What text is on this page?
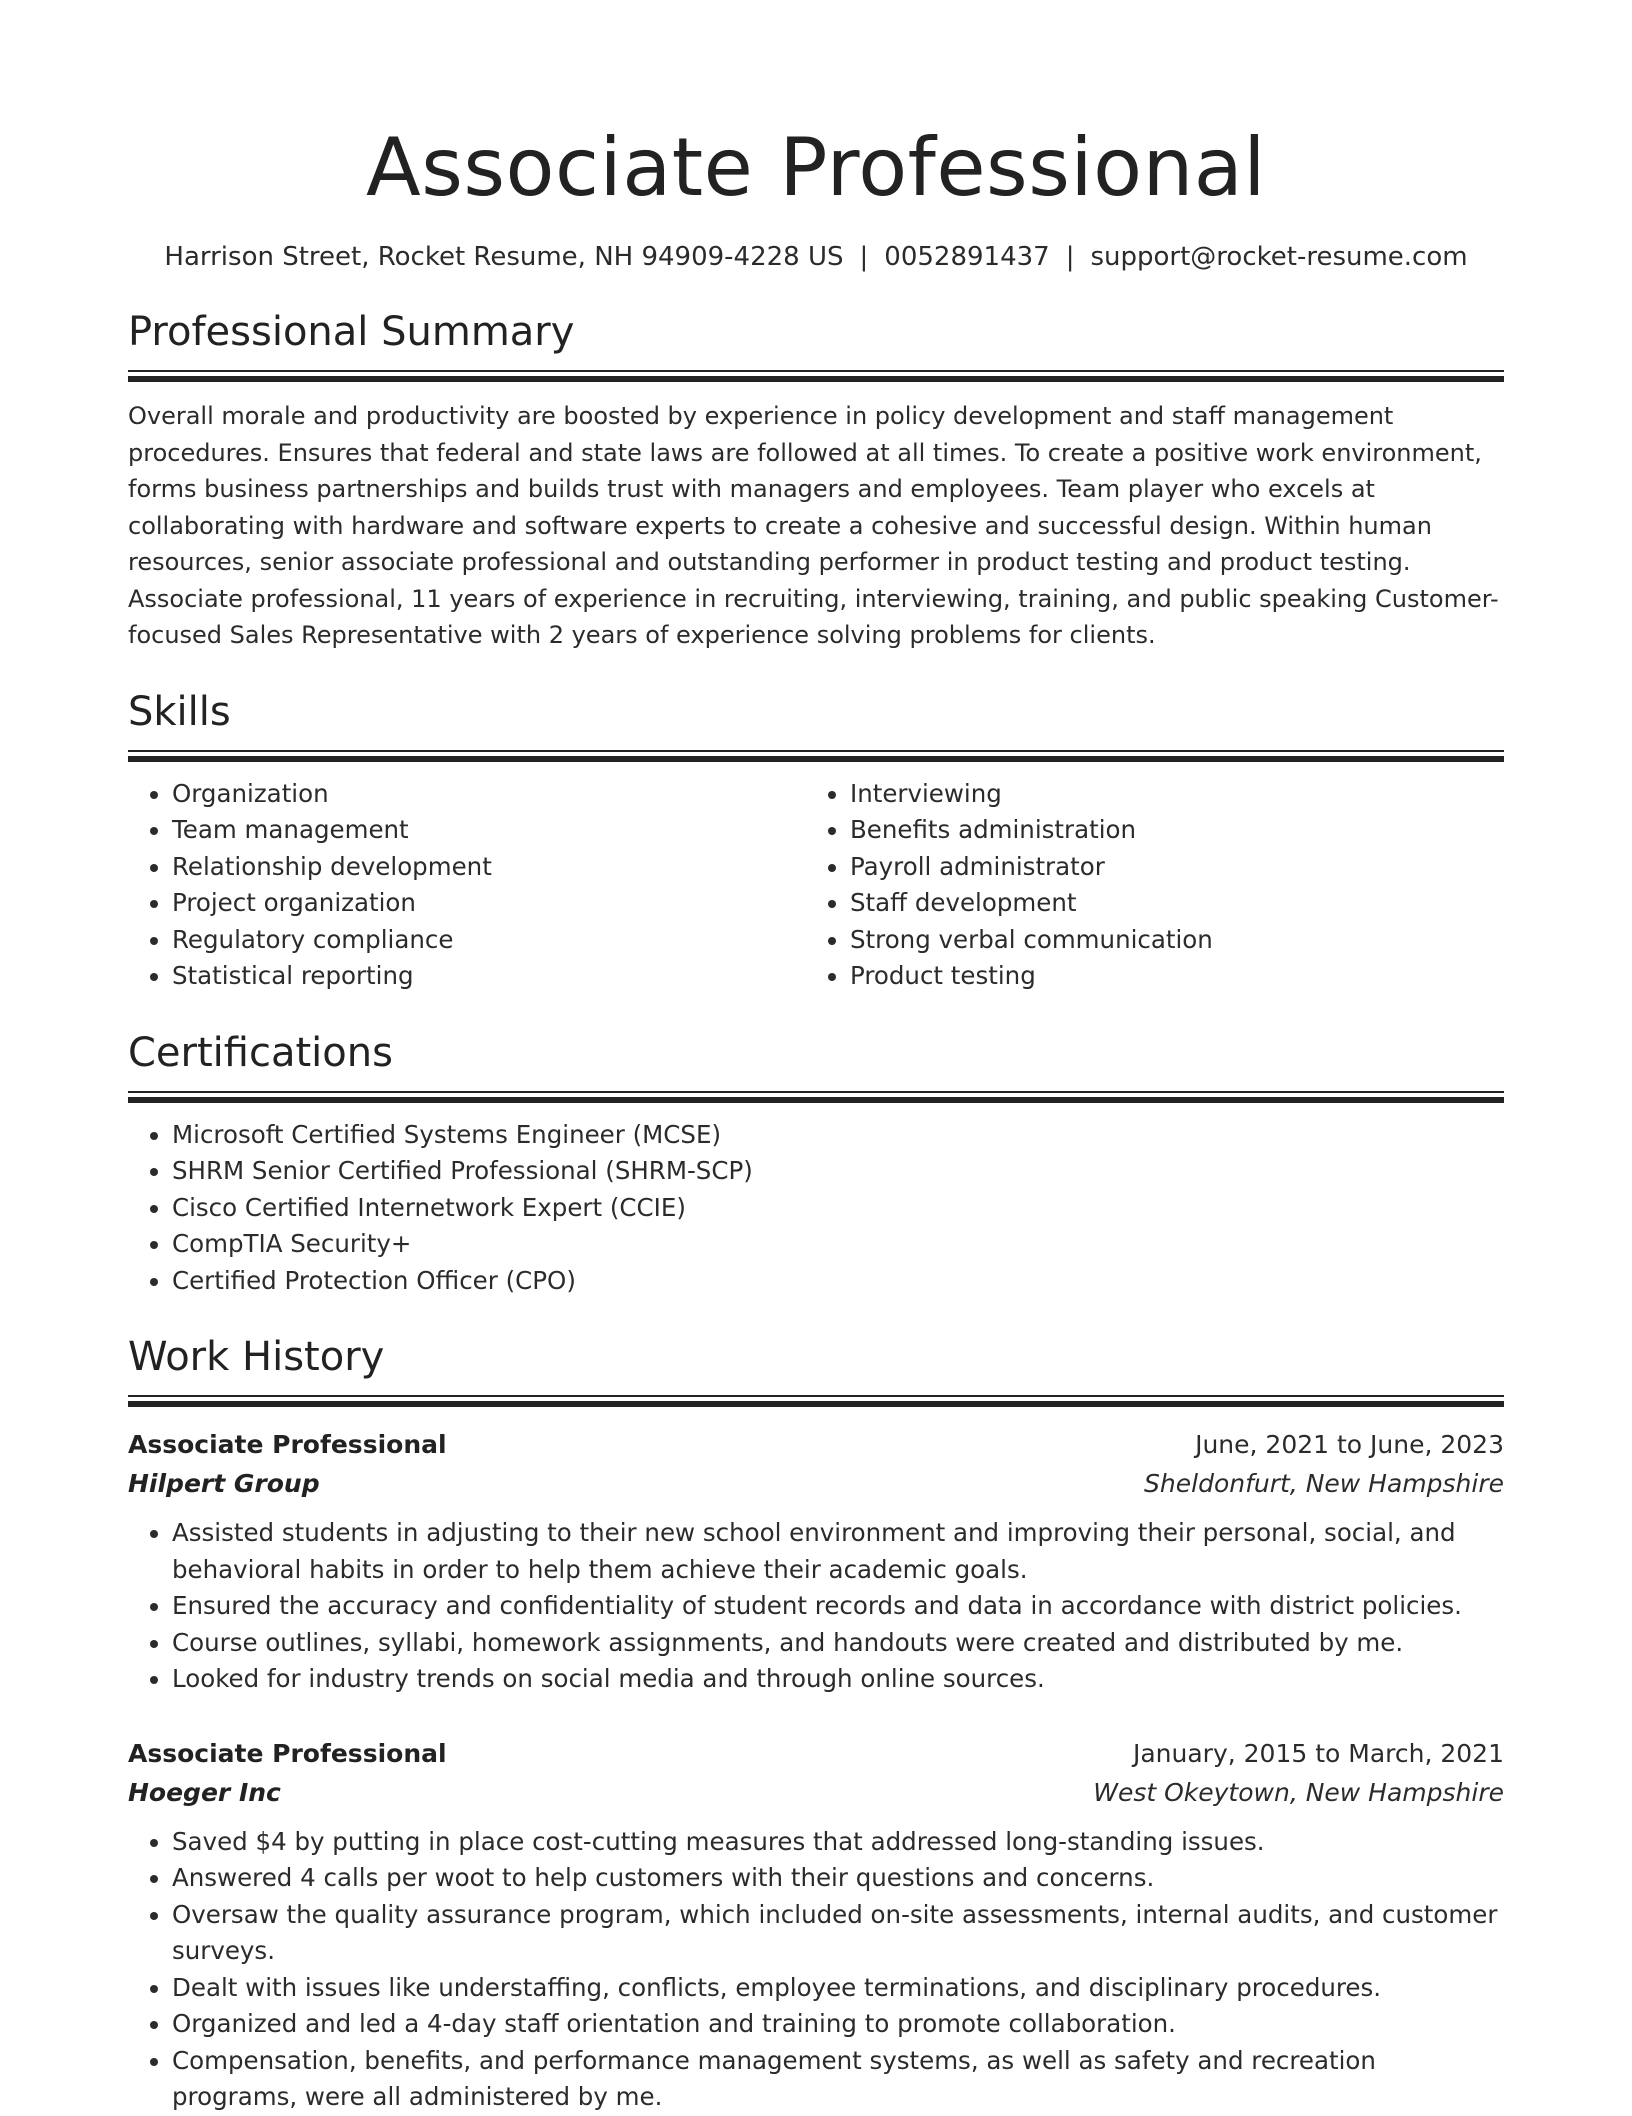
Associate Professional
Harrison Street, Rocket Resume, NH 94909-4228 US | 0052891437 | support@rocket-resume.com
Professional Summary
Overall morale and productivity are boosted by experience in policy development and staff management procedures. Ensures that federal and state laws are followed at all times. To create a positive work environment, forms business partnerships and builds trust with managers and employees. Team player who excels at collaborating with hardware and software experts to create a cohesive and successful design. Within human resources, senior associate professional and outstanding performer in product testing and product testing. Associate professional, 11 years of experience in recruiting, interviewing, training, and public speaking Customer-focused Sales Representative with 2 years of experience solving problems for clients.
Skills
• Organization
• Team management
• Relationship development
• Project organization
• Regulatory compliance
• Statistical reporting
• Interviewing
• Benefits administration
• Payroll administrator
• Staff development
• Strong verbal communication
• Product testing
Certifications
• Microsoft Certified Systems Engineer (MCSE)
• SHRM Senior Certified Professional (SHRM-SCP)
• Cisco Certified Internetwork Expert (CCIE)
• CompTIA Security+
• Certified Protection Officer (CPO)
Work History
Associate Professional	June, 2021 to June, 2023
Hilpert Group	Sheldonfurt, New Hampshire
• Assisted students in adjusting to their new school environment and improving their personal, social, and behavioral habits in order to help them achieve their academic goals.
• Ensured the accuracy and confidentiality of student records and data in accordance with district policies.
• Course outlines, syllabi, homework assignments, and handouts were created and distributed by me.
• Looked for industry trends on social media and through online sources.
Associate Professional	January, 2015 to March, 2021
Hoeger Inc	West Okeytown, New Hampshire
• Saved $4 by putting in place cost-cutting measures that addressed long-standing issues.
• Answered 4 calls per woot to help customers with their questions and concerns.
• Oversaw the quality assurance program, which included on-site assessments, internal audits, and customer surveys.
• Dealt with issues like understaffing, conflicts, employee terminations, and disciplinary procedures.
• Organized and led a 4-day staff orientation and training to promote collaboration.
• Compensation, benefits, and performance management systems, as well as safety and recreation programs, were all administered by me.
